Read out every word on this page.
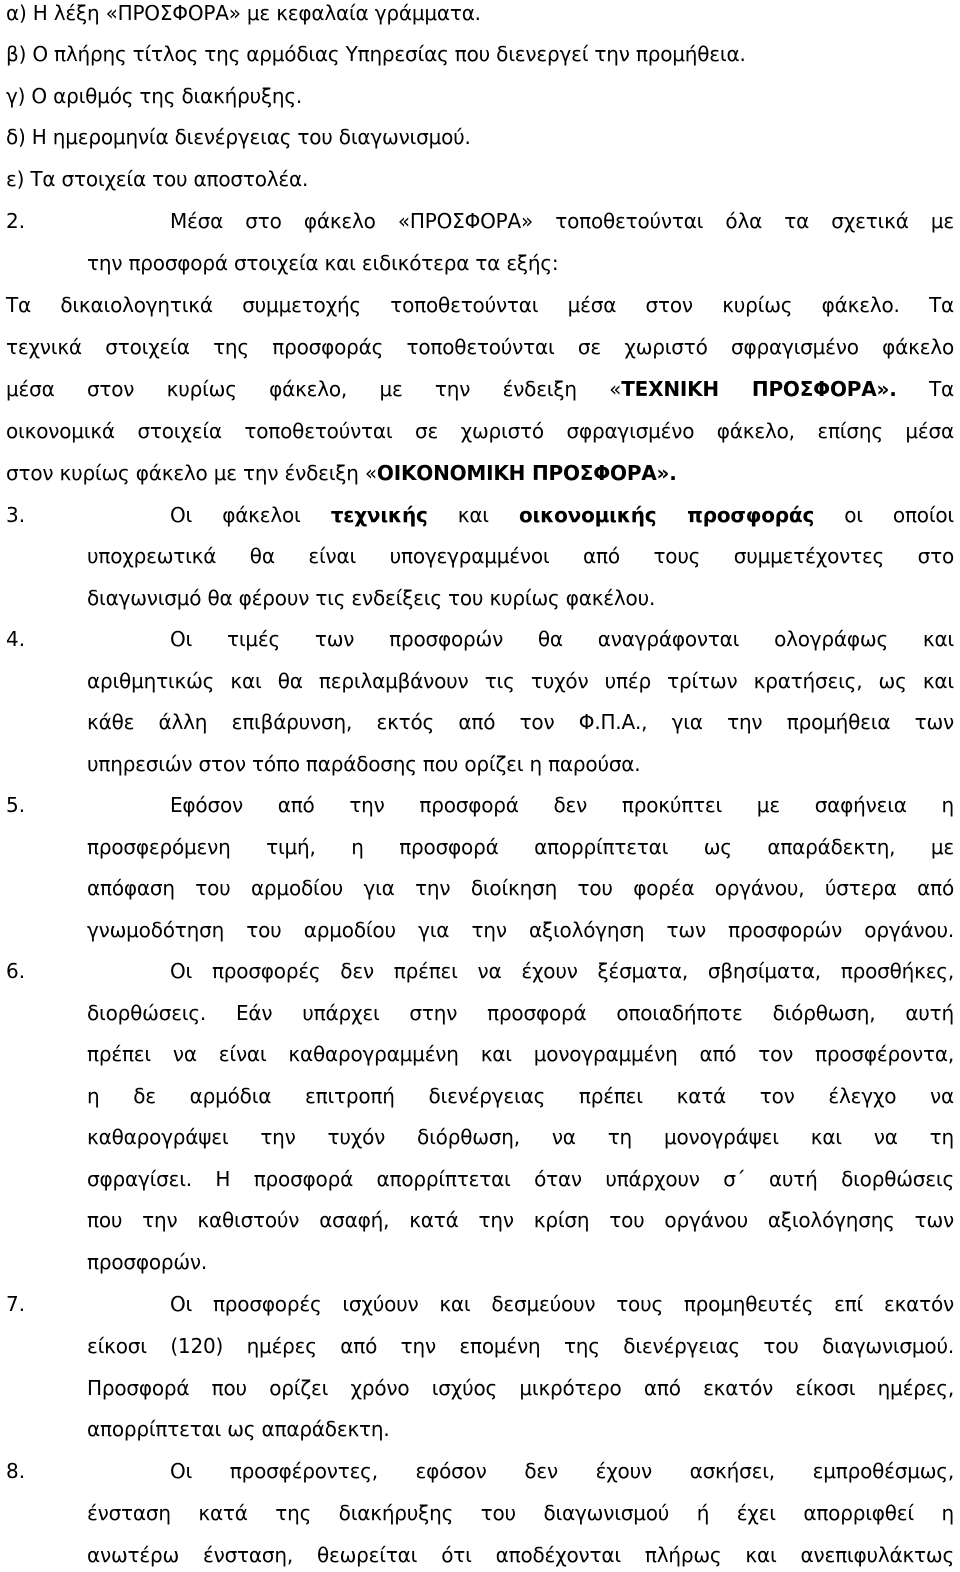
α) Η λέξη «ΠΡΟΣΦΟΡΑ» με κεφαλαία γράμματα.
β) Ο πλήρης τίτλος της αρμόδιας Υπηρεσίας που διενεργεί την προμήθεια.
γ) Ο αριθμός της διακήρυξης.
δ) Η ημερομηνία διενέργειας του διαγωνισμού.
ε) Τα στοιχεία του αποστολέα.
2.	Μέσα στο φάκελο «ΠΡΟΣΦΟΡΑ» τοποθετούνται όλα τα σχετικά με
την προσφορά στοιχεία και ειδικότερα τα εξής:
Τα δικαιολογητικά συμμετοχής τοποθετούνται μέσα στον κυρίως φάκελο. Τα
τεχνικά στοιχεία της προσφοράς τοποθετούνται σε χωριστό σφραγισμένο φάκελο
μέσα στον κυρίως φάκελο, με την ένδειξη «ΤΕΧΝΙΚΗ ΠΡΟΣΦΟΡΑ». Τα
οικονομικά στοιχεία τοποθετούνται σε χωριστό σφραγισμένο φάκελο, επίσης μέσα
στον κυρίως φάκελο με την ένδειξη «ΟΙΚΟΝΟΜΙΚΗ ΠΡΟΣΦΟΡΑ».
3.	Οι φάκελοι τεχνικής και οικονομικής προσφοράς οι οποίοι
υποχρεωτικά θα είναι υπογεγραμμένοι από τους συμμετέχοντες στο
διαγωνισμό θα φέρουν τις ενδείξεις του κυρίως φακέλου.
4.	Οι τιμές των προσφορών θα αναγράφονται ολογράφως και
αριθμητικώς και θα περιλαμβάνουν τις τυχόν υπέρ τρίτων κρατήσεις, ως και
κάθε άλλη επιβάρυνση, εκτός από τον Φ.Π.Α., για την προμήθεια των
υπηρεσιών στον τόπο παράδοσης που ορίζει η παρούσα.
5.	Εφόσον από την προσφορά δεν προκύπτει με σαφήνεια η
προσφερόμενη τιμή, η προσφορά απορρίπτεται ως απαράδεκτη, με
απόφαση του αρμοδίου για την διοίκηση του φορέα οργάνου, ύστερα από
γνωμοδότηση του αρμοδίου για την αξιολόγηση των προσφορών οργάνου.
6.	Οι προσφορές δεν πρέπει να έχουν ξέσματα, σβησίματα, προσθήκες,
διορθώσεις. Εάν υπάρχει στην προσφορά οποιαδήποτε διόρθωση, αυτή
πρέπει να είναι καθαρογραμμένη και μονογραμμένη από τον προσφέροντα,
η δε αρμόδια επιτροπή διενέργειας πρέπει κατά τον έλεγχο να
καθαρογράψει την τυχόν διόρθωση, να τη μονογράψει και να τη
σφραγίσει. Η προσφορά απορρίπτεται όταν υπάρχουν σ΄ αυτή διορθώσεις
που την καθιστούν ασαφή, κατά την κρίση του οργάνου αξιολόγησης των
προσφορών.
7.	Οι προσφορές ισχύουν και δεσμεύουν τους προμηθευτές επί εκατόν
είκοσι (120) ημέρες από την επομένη της διενέργειας του διαγωνισμού.
Προσφορά που ορίζει χρόνο ισχύος μικρότερο από εκατόν είκοσι ημέρες,
απορρίπτεται ως απαράδεκτη.
8.	Οι προσφέροντες, εφόσον δεν έχουν ασκήσει, εμπροθέσμως,
ένσταση κατά της διακήρυξης του διαγωνισμού ή έχει απορριφθεί η
ανωτέρω ένσταση, θεωρείται ότι αποδέχονται πλήρως και ανεπιφυλάκτως
